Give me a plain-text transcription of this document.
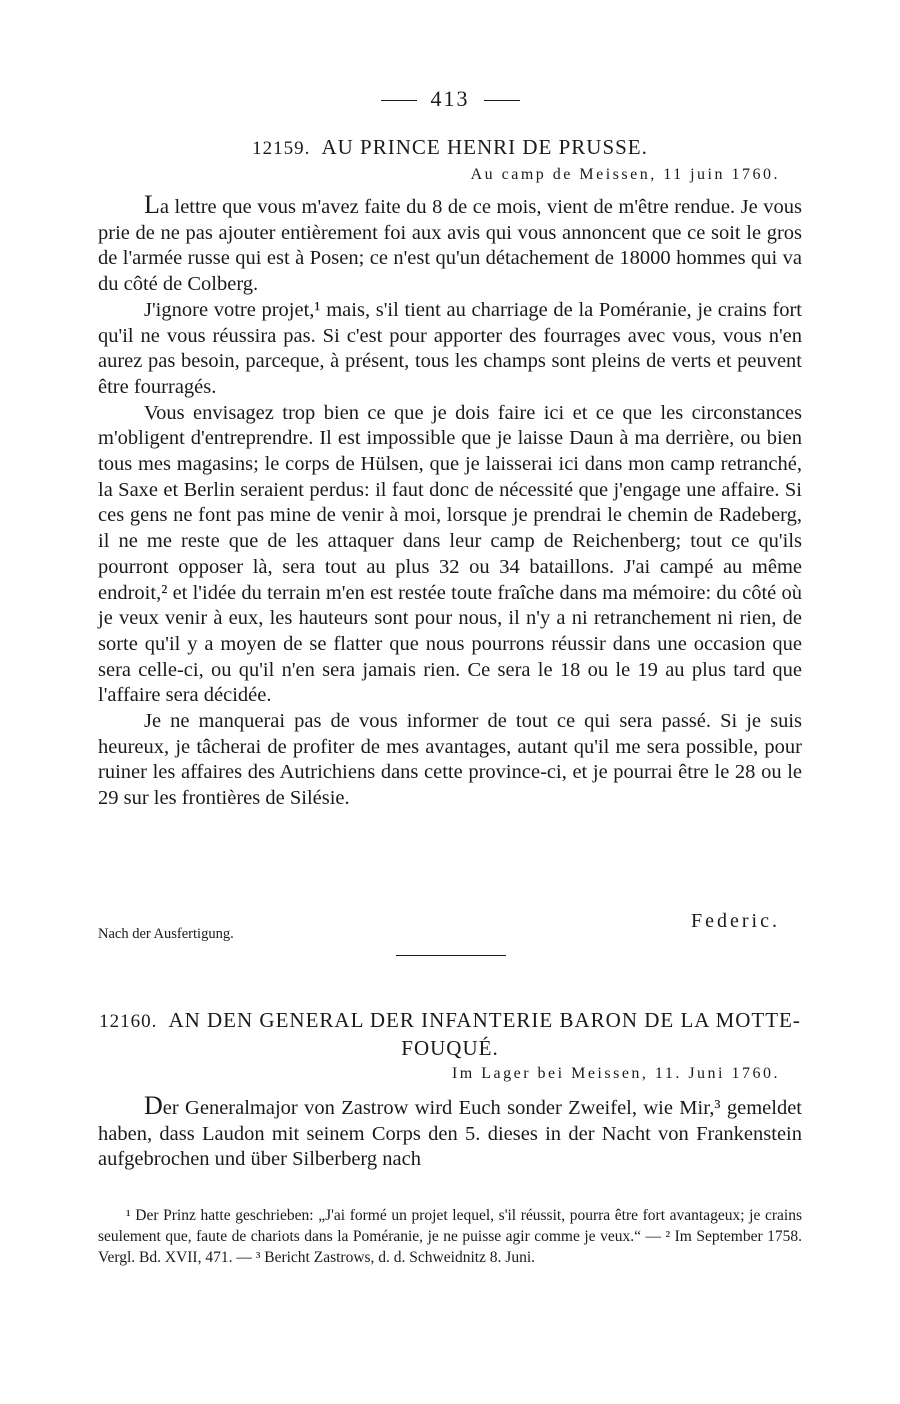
413
12159. AU PRINCE HENRI DE PRUSSE.
Au camp de Meissen, 11 juin 1760.

La lettre que vous m'avez faite du 8 de ce mois, vient de m'être rendue. Je vous prie de ne pas ajouter entièrement foi aux avis qui vous annoncent que ce soit le gros de l'armée russe qui est à Posen; ce n'est qu'un détachement de 18000 hommes qui va du côté de Colberg.

J'ignore votre projet,¹ mais, s'il tient au charriage de la Poméranie, je crains fort qu'il ne vous réussira pas. Si c'est pour apporter des fourrages avec vous, vous n'en aurez pas besoin, parceque, à présent, tous les champs sont pleins de verts et peuvent être fourragés.

Vous envisagez trop bien ce que je dois faire ici et ce que les circonstances m'obligent d'entreprendre. Il est impossible que je laisse Daun à ma derrière, ou bien tous mes magasins; le corps de Hülsen, que je laisserai ici dans mon camp retranché, la Saxe et Berlin seraient perdus: il faut donc de nécessité que j'engage une affaire. Si ces gens ne font pas mine de venir à moi, lorsque je prendrai le chemin de Radeberg, il ne me reste que de les attaquer dans leur camp de Reichenberg; tout ce qu'ils pourront opposer là, sera tout au plus 32 ou 34 bataillons. J'ai campé au même endroit,² et l'idée du terrain m'en est restée toute fraîche dans ma mémoire: du côté où je veux venir à eux, les hauteurs sont pour nous, il n'y a ni retranchement ni rien, de sorte qu'il y a moyen de se flatter que nous pourrons réussir dans une occasion que sera celle-ci, ou qu'il n'en sera jamais rien. Ce sera le 18 ou le 19 au plus tard que l'affaire sera décidée.

Je ne manquerai pas de vous informer de tout ce qui sera passé. Si je suis heureux, je tâcherai de profiter de mes avantages, autant qu'il me sera possible, pour ruiner les affaires des Autrichiens dans cette province-ci, et je pourrai être le 28 ou le 29 sur les frontières de Silésie.

Nach der Ausfertigung.
Federic.
12160. AN DEN GENERAL DER INFANTERIE BARON DE LA MOTTE-FOUQUÉ.
Im Lager bei Meissen, 11. Juni 1760.

Der Generalmajor von Zastrow wird Euch sonder Zweifel, wie Mir,³ gemeldet haben, dass Laudon mit seinem Corps den 5. dieses in der Nacht von Frankenstein aufgebrochen und über Silberberg nach

¹ Der Prinz hatte geschrieben: „J'ai formé un projet lequel, s'il réussit, pourra être fort avantageux; je crains seulement que, faute de chariots dans la Poméranie, je ne puisse agir comme je veux.“ — ² Im September 1758. Vergl. Bd. XVII, 471. — ³ Bericht Zastrows, d. d. Schweidnitz 8. Juni.
